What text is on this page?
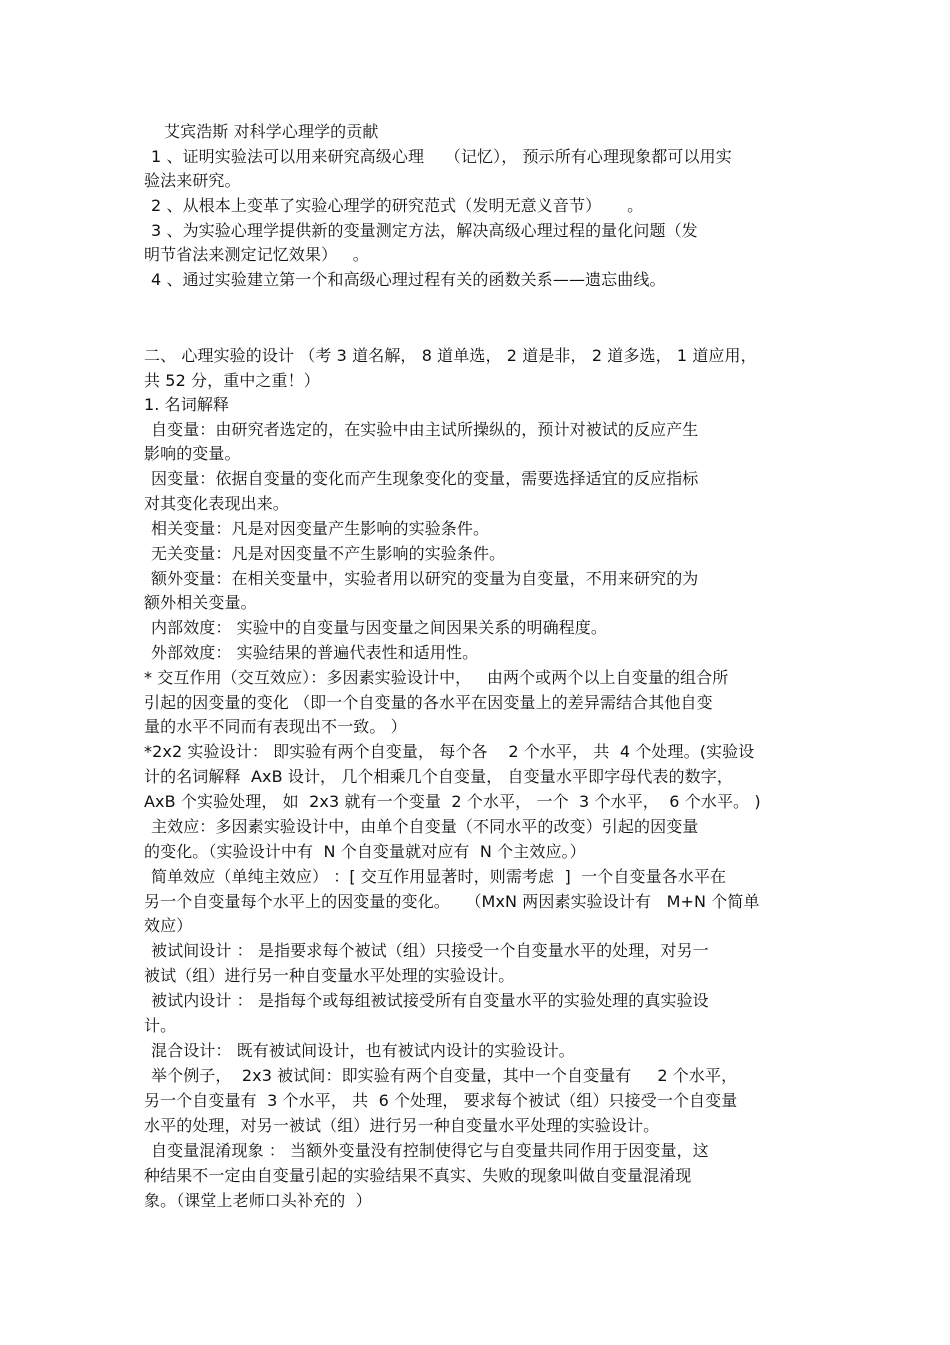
艾宾浩斯 对科学心理学的贡献
1 、证明实验法可以用来研究高级心理    （记忆）， 预示所有心理现象都可以用实
验法来研究。
2 、从根本上变革了实验心理学的研究范式（发明无意义音节）     。
3 、为实验心理学提供新的变量测定方法，解决高级心理过程的量化问题（发
明节省法来测定记忆效果）   。
4 、通过实验建立第一个和高级心理过程有关的函数关系——遗忘曲线。
二、 心理实验的设计 （考 3 道名解， 8 道单选， 2 道是非， 2 道多选， 1 道应用，
共 52 分，重中之重！）
1. 名词解释
自变量：由研究者选定的，在实验中由主试所操纵的，预计对被试的反应产生
影响的变量。
因变量：依据自变量的变化而产生现象变化的变量，需要选择适宜的反应指标
对其变化表现出来。
相关变量：凡是对因变量产生影响的实验条件。
无关变量：凡是对因变量不产生影响的实验条件。
额外变量：在相关变量中，实验者用以研究的变量为自变量，不用来研究的为
额外相关变量。
内部效度： 实验中的自变量与因变量之间因果关系的明确程度。
外部效度： 实验结果的普遍代表性和适用性。
* 交互作用（交互效应）：多因素实验设计中，   由两个或两个以上自变量的组合所
引起的因变量的变化 （即一个自变量的各水平在因变量上的差异需结合其他自变
量的水平不同而有表现出不一致。 ）
*2x2 实验设计： 即实验有两个自变量， 每个各    2 个水平， 共  4 个处理。(实验设
计的名词解释  AxB 设计， 几个相乘几个自变量， 自变量水平即字母代表的数字，
AxB 个实验处理， 如  2x3 就有一个变量  2 个水平， 一个  3 个水平，  6 个水平。 )
主效应：多因素实验设计中，由单个自变量（不同水平的改变）引起的因变量
的变化。（实验设计中有  N 个自变量就对应有  N 个主效应。）
简单效应（单纯主效应） ：[ 交互作用显著时，则需考虑  ]  一个自变量各水平在
另一个自变量每个水平上的因变量的变化。   （MxN 两因素实验设计有   M+N 个简单
效应）
被试间设计 ： 是指要求每个被试（组）只接受一个自变量水平的处理，对另一
被试（组）进行另一种自变量水平处理的实验设计。
被试内设计 ： 是指每个或每组被试接受所有自变量水平的实验处理的真实验设
计。
混合设计： 既有被试间设计，也有被试内设计的实验设计。
举个例子，  2x3 被试间：即实验有两个自变量，其中一个自变量有     2 个水平，
另一个自变量有  3 个水平， 共  6 个处理， 要求每个被试（组）只接受一个自变量
水平的处理，对另一被试（组）进行另一种自变量水平处理的实验设计。
自变量混淆现象 ： 当额外变量没有控制使得它与自变量共同作用于因变量，这
种结果不一定由自变量引起的实验结果不真实、失败的现象叫做自变量混淆现
象。（课堂上老师口头补充的  ）
